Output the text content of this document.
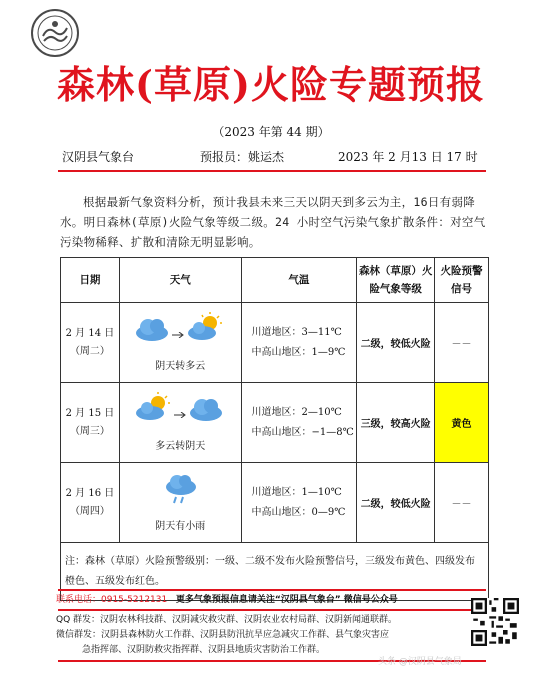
森林(草原)火险专题预报
（2023 年第 44 期）
汉阴县气象台	预报员：姚运杰	2023 年 2 月13 日 17 时

根据最新气象资料分析，预计我县未来三天以阴天到多云为主，16日有弱降水。明日森林(草原)火险气象等级二级。24 小时空气污染气象扩散条件：对空气污染物稀释、扩散和清除无明显影响。

日期	天气	气温	森林（草原）火
险气象等级	火险预警
信号

2 月 14 日
（周二）	阴天转多云	川道地区：3—11℃
中高山地区：1—9℃	二级，较低火险	－－

2 月 15 日
（周三）	多云转阴天	川道地区：2—10℃
中高山地区：−1—8℃	三级，较高火险	黄色

2 月 16 日
（周四）	阴天有小雨	川道地区：1—10℃
中高山地区：0—9℃	二级，较低火险	－－
注：森林（草原）火险预警级别：一级、二级不发布火险预警信号，三级发布黄色、四级发布橙色、五级发布红色。				
联系电话：0915-5212131 更多气象预报信息请关注“汉阴县气象台” 微信号公众号
QQ 群发：汉阴农林科技群、汉阴减灾救灾群、汉阴农业农村局群、汉阴新闻通联群。
微信群发：汉阴县森林防火工作群、汉阴县防汛抗旱应急减灾工作群、县气象灾害应
急指挥部、汉阴防救灾指挥群、汉阴县地质灾害防治工作群。
头条 @汉阴县气象局
